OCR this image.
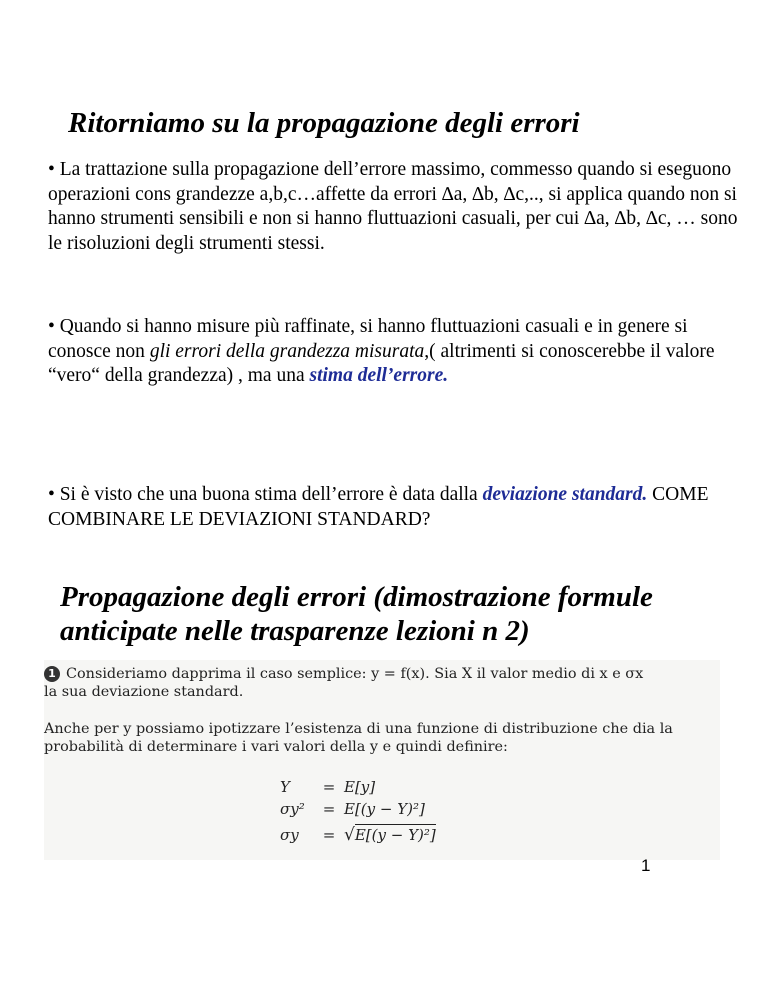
Ritorniamo su la propagazione degli errori

• La trattazione sulla propagazione dell’errore massimo, commesso quando si eseguono operazioni cons grandezze a,b,c…affette da errori ∆a, ∆b, ∆c,.., si applica quando non si hanno strumenti sensibili e non si hanno fluttuazioni casuali, per cui ∆a, ∆b, ∆c, … sono le risoluzioni degli strumenti stessi.

• Quando si hanno misure più raffinate, si hanno fluttuazioni casuali e in genere si conosce non gli errori della grandezza misurata,( altrimenti si conoscerebbe il valore “vero“ della grandezza) , ma una stima dell’errore.

• Si è visto che una buona stima dell’errore è data dalla deviazione standard. COME COMBINARE LE DEVIAZIONI STANDARD?

Propagazione degli errori (dimostrazione formule anticipate nelle trasparenze lezioni n 2)
1 Consideriamo dapprima il caso semplice: y = f(x). Sia X il valor medio di x e σx
la sua deviazione standard.
Anche per y possiamo ipotizzare l’esistenza di una funzione di distribuzione che dia la
probabilità di determinare i vari valori della y e quindi definire:
Y = E[y]
σy² = E[(y − Y)²]
σy = √E[(y − Y)²]

1
